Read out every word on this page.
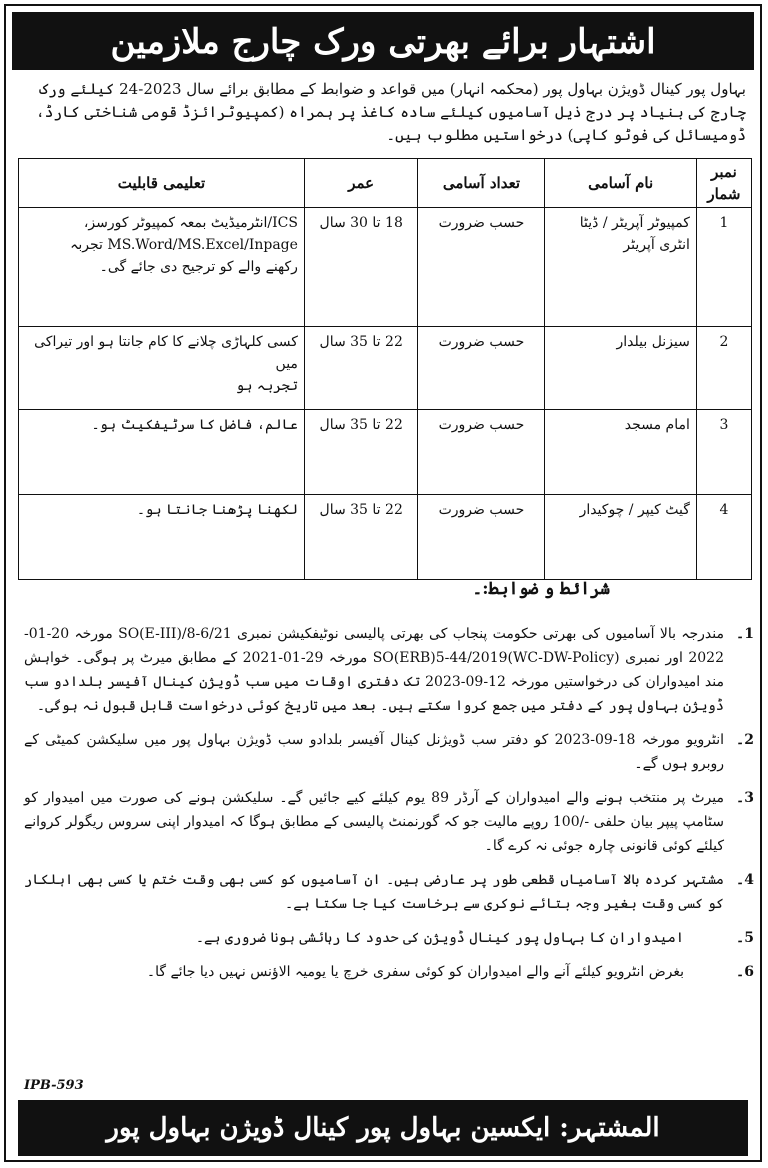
اشتہار برائے بھرتی ورک چارج ملازمین
بہاول پور کینال ڈویژن بہاول پور (محکمہ انہار) میں قواعد و ضوابط کے مطابق برائے سال 2023-24 کیلئے ورک چارج کی بنیاد پر درج ذیل آسامیوں کیلئے سادہ کاغذ پر ہمراہ (کمپیوٹرائزڈ قومی شناختی کارڈ، ڈومیسائل کی فوٹو کاپی) درخواستیں مطلوب ہیں۔
نمبر شمار	نام آسامی	تعداد آسامی	عمر	تعلیمی قابلیت
1	کمپیوٹر آپریٹر / ڈیٹا انٹری آپریٹر	حسب ضرورت	18 تا 30 سال	ICS/انٹرمیڈیٹ بمعہ کمپیوٹر کورسز،
MS.Word/MS.Excel/Inpage تجربہ
رکھنے والے کو ترجیح دی جائے گی۔

2	سیزنل بیلدار	حسب ضرورت	22 تا 35 سال	کسی کلہاڑی چلانے کا کام جانتا ہو اور تیراکی میں
تجربہ ہو

3	امام مسجد	حسب ضرورت	22 تا 35 سال	عالم، فاضل کا سرٹیفکیٹ ہو۔

4	گیٹ کیپر / چوکیدار	حسب ضرورت	22 تا 35 سال	لکھنا پڑھنا جانتا ہو۔
شرائط و ضوابط:۔
1۔
مندرجہ بالا آسامیوں کی بھرتی حکومت پنجاب کی بھرتی پالیسی نوٹیفکیشن نمبری SO(E-III)/8-6/21 مورخہ 20-01-2022 اور نمبری SO(ERB)5-44/2019(WC-DW-Policy) مورخہ 29-01-2021 کے مطابق میرٹ پر ہوگی۔ خواہش مند امیدواران کی درخواستیں مورخہ 12-09-2023 تک دفتری اوقات میں سب ڈویژن کینال آفیسر بلدادو سب ڈویژن بہاول پور کے دفتر میں جمع کروا سکتے ہیں۔ بعد میں تاریخ کوئی درخواست قابل قبول نہ ہوگی۔
2۔
انٹرویو مورخہ 18-09-2023 کو دفتر سب ڈویژنل کینال آفیسر بلدادو سب ڈویژن بہاول پور میں سلیکشن کمیٹی کے روبرو ہوں گے۔
3۔
میرٹ پر منتخب ہونے والے امیدواران کے آرڈر 89 یوم کیلئے کیے جائیں گے۔ سلیکشن ہونے کی صورت میں امیدوار کو سٹامپ پیپر بیان حلفی -/100 روپے مالیت جو کہ گورنمنٹ پالیسی کے مطابق ہوگا کہ امیدوار اپنی سروس ریگولر کروانے کیلئے کوئی قانونی چارہ جوئی نہ کرے گا۔
4۔
مشتہر کردہ بالا آسامیاں قطعی طور پر عارضی ہیں۔ ان آسامیوں کو کسی بھی وقت ختم یا کسی بھی اہلکار کو کسی وقت بغیر وجہ بتائے نوکری سے برخاست کیا جا سکتا ہے۔
5۔
امیدواران کا بہاول پور کینال ڈویژن کی حدود کا رہائشی ہونا ضروری ہے۔
6۔
بغرض انٹرویو کیلئے آنے والے امیدواران کو کوئی سفری خرچ یا یومیہ الاؤنس نہیں دیا جائے گا۔
IPB-593
المشتہر: ایکسین بہاول پور کینال ڈویژن بہاول پور
